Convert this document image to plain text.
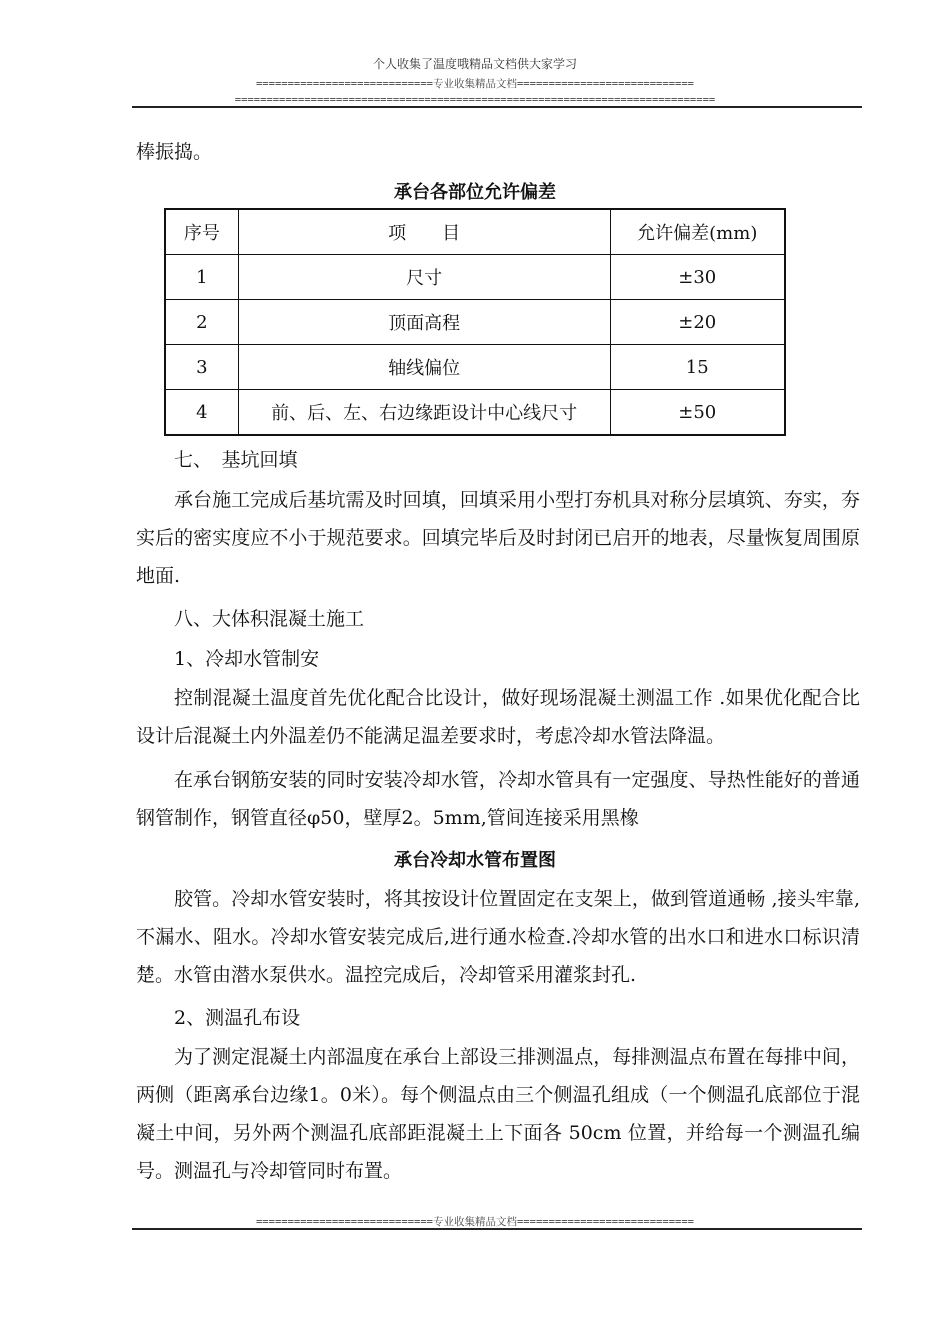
个人收集了温度哦精品文档供大家学习
============================专业收集精品文档============================
============================================================================
棒振捣。
承台各部位允许偏差
序号	项　　目	允许偏差(mm)
1	尺寸	±30
2	顶面高程	±20
3	轴线偏位	15
4	前、后、左、右边缘距设计中心线尺寸	±50
七、　基坑回填

承台施工完成后基坑需及时回填，回填采用小型打夯机具对称分层填筑、夯实，夯实后的密实度应不小于规范要求。回填完毕后及时封闭已启开的地表，尽量恢复周围原地面.

八、大体积混凝土施工
1、冷却水管制安

控制混凝土温度首先优化配合比设计，做好现场混凝土测温工作 .如果优化配合比设计后混凝土内外温差仍不能满足温差要求时，考虑冷却水管法降温。

在承台钢筋安装的同时安装冷却水管，冷却水管具有一定强度、导热性能好的普通钢管制作，钢管直径φ50，壁厚2。5mm,管间连接采用黑橡

承台冷却水管布置图

胶管。冷却水管安装时，将其按设计位置固定在支架上，做到管道通畅 ,接头牢靠,不漏水、阻水。冷却水管安装完成后,进行通水检查.冷却水管的出水口和进水口标识清楚。水管由潜水泵供水。温控完成后，冷却管采用灌浆封孔.

2、测温孔布设

为了测定混凝土内部温度在承台上部设三排测温点，每排测温点布置在每排中间，两侧（距离承台边缘1。0米）。每个侧温点由三个侧温孔组成（一个侧温孔底部位于混凝土中间，另外两个测温孔底部距混凝土上下面各 50cm 位置，并给每一个测温孔编号。测温孔与冷却管同时布置。

============================专业收集精品文档============================
